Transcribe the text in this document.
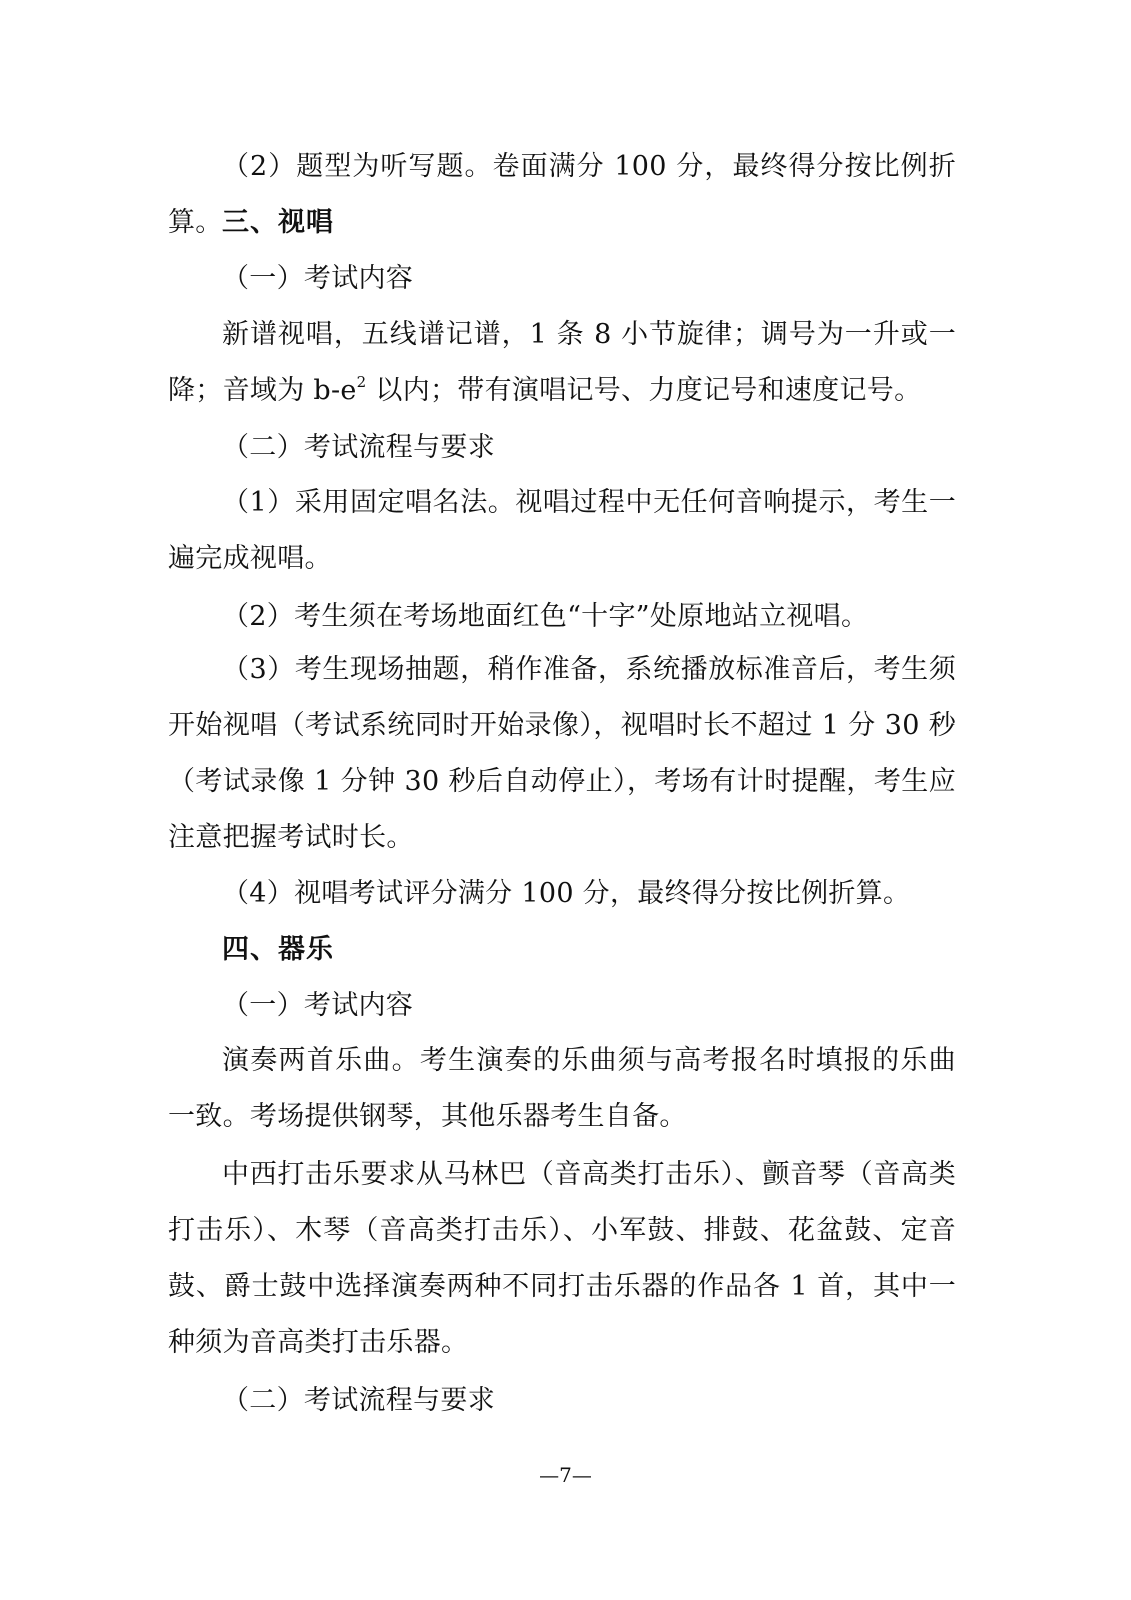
（2）题型为听写题。卷面满分 100 分，最终得分按比例折算。 三、视唱

（一）考试内容

新谱视唱，五线谱记谱，1 条 8 小节旋律；调号为一升或一降；音域为 $b-e^2$ 以内；带有演唱记号、力度记号和速度记号。

（二）考试流程与要求

（1）采用固定唱名法。视唱过程中无任何音响提示，考生一遍完成视唱。

（2）考生须在考场地面红色“十字”处原地站立视唱。

（3）考生现场抽题，稍作准备，系统播放标准音后，考生须开始视唱（考试系统同时开始录像），视唱时长不超过 1 分 30 秒（考试录像 1 分钟 30 秒后自动停止），考场有计时提醒，考生应注意把握考试时长。

（4）视唱考试评分满分 100 分，最终得分按比例折算。

四、器乐

（一）考试内容

演奏两首乐曲。考生演奏的乐曲须与高考报名时填报的乐曲一致。考场提供钢琴，其他乐器考生自备。

中西打击乐要求从马林巴（音高类打击乐）、颤音琴（音高类打击乐）、木琴（音高类打击乐）、小军鼓、排鼓、花盆鼓、定音鼓、爵士鼓中选择演奏两种不同打击乐器的作品各 1 首，其中一种须为音高类打击乐器。

（二）考试流程与要求

—7—
